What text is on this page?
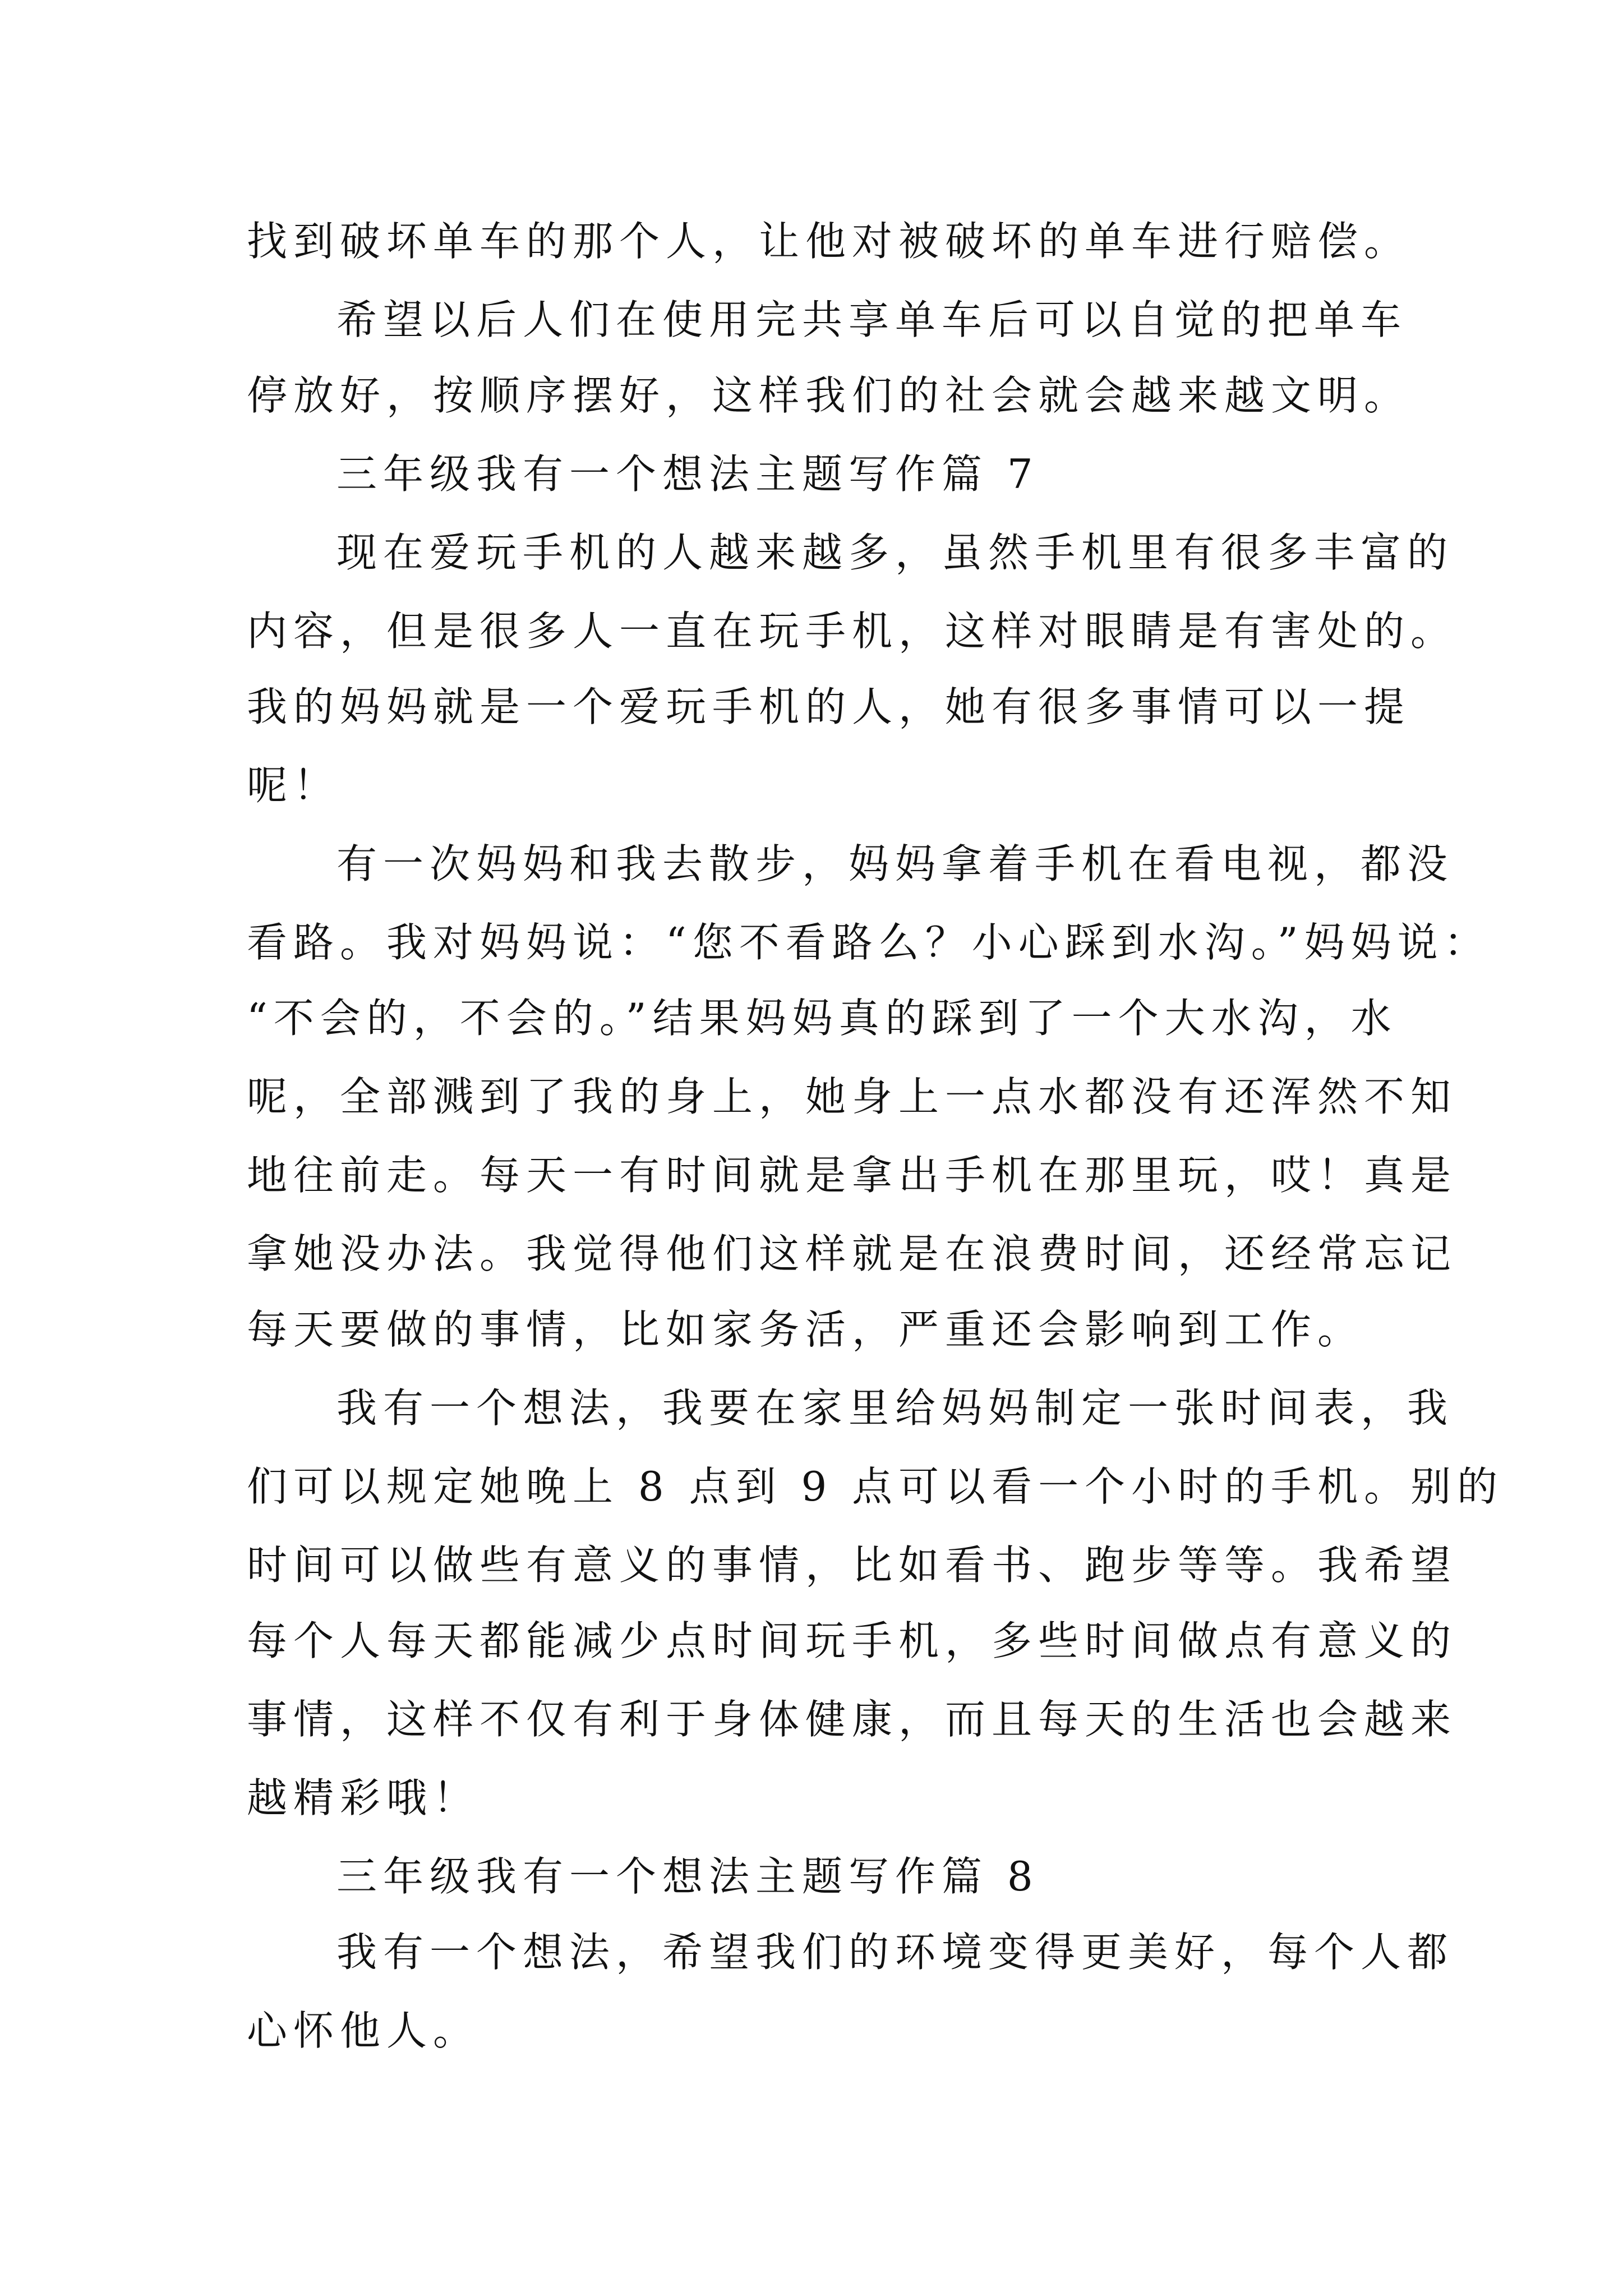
找到破坏单车的那个人，让他对被破坏的单车进行赔偿。
希望以后人们在使用完共享单车后可以自觉的把单车
停放好，按顺序摆好，这样我们的社会就会越来越文明。
三年级我有一个想法主题写作篇 7
现在爱玩手机的人越来越多，虽然手机里有很多丰富的
内容，但是很多人一直在玩手机，这样对眼睛是有害处的。
我的妈妈就是一个爱玩手机的人，她有很多事情可以一提
呢！
有一次妈妈和我去散步，妈妈拿着手机在看电视，都没
看路。我对妈妈说：“您不看路么？小心踩到水沟。”妈妈说：
“不会的，不会的。”结果妈妈真的踩到了一个大水沟，水
呢，全部溅到了我的身上，她身上一点水都没有还浑然不知
地往前走。每天一有时间就是拿出手机在那里玩，哎！真是
拿她没办法。我觉得他们这样就是在浪费时间，还经常忘记
每天要做的事情，比如家务活，严重还会影响到工作。
我有一个想法，我要在家里给妈妈制定一张时间表，我
们可以规定她晚上 8 点到 9 点可以看一个小时的手机。别的
时间可以做些有意义的事情，比如看书、跑步等等。我希望
每个人每天都能减少点时间玩手机，多些时间做点有意义的
事情，这样不仅有利于身体健康，而且每天的生活也会越来
越精彩哦！
三年级我有一个想法主题写作篇 8
我有一个想法，希望我们的环境变得更美好，每个人都
心怀他人。
